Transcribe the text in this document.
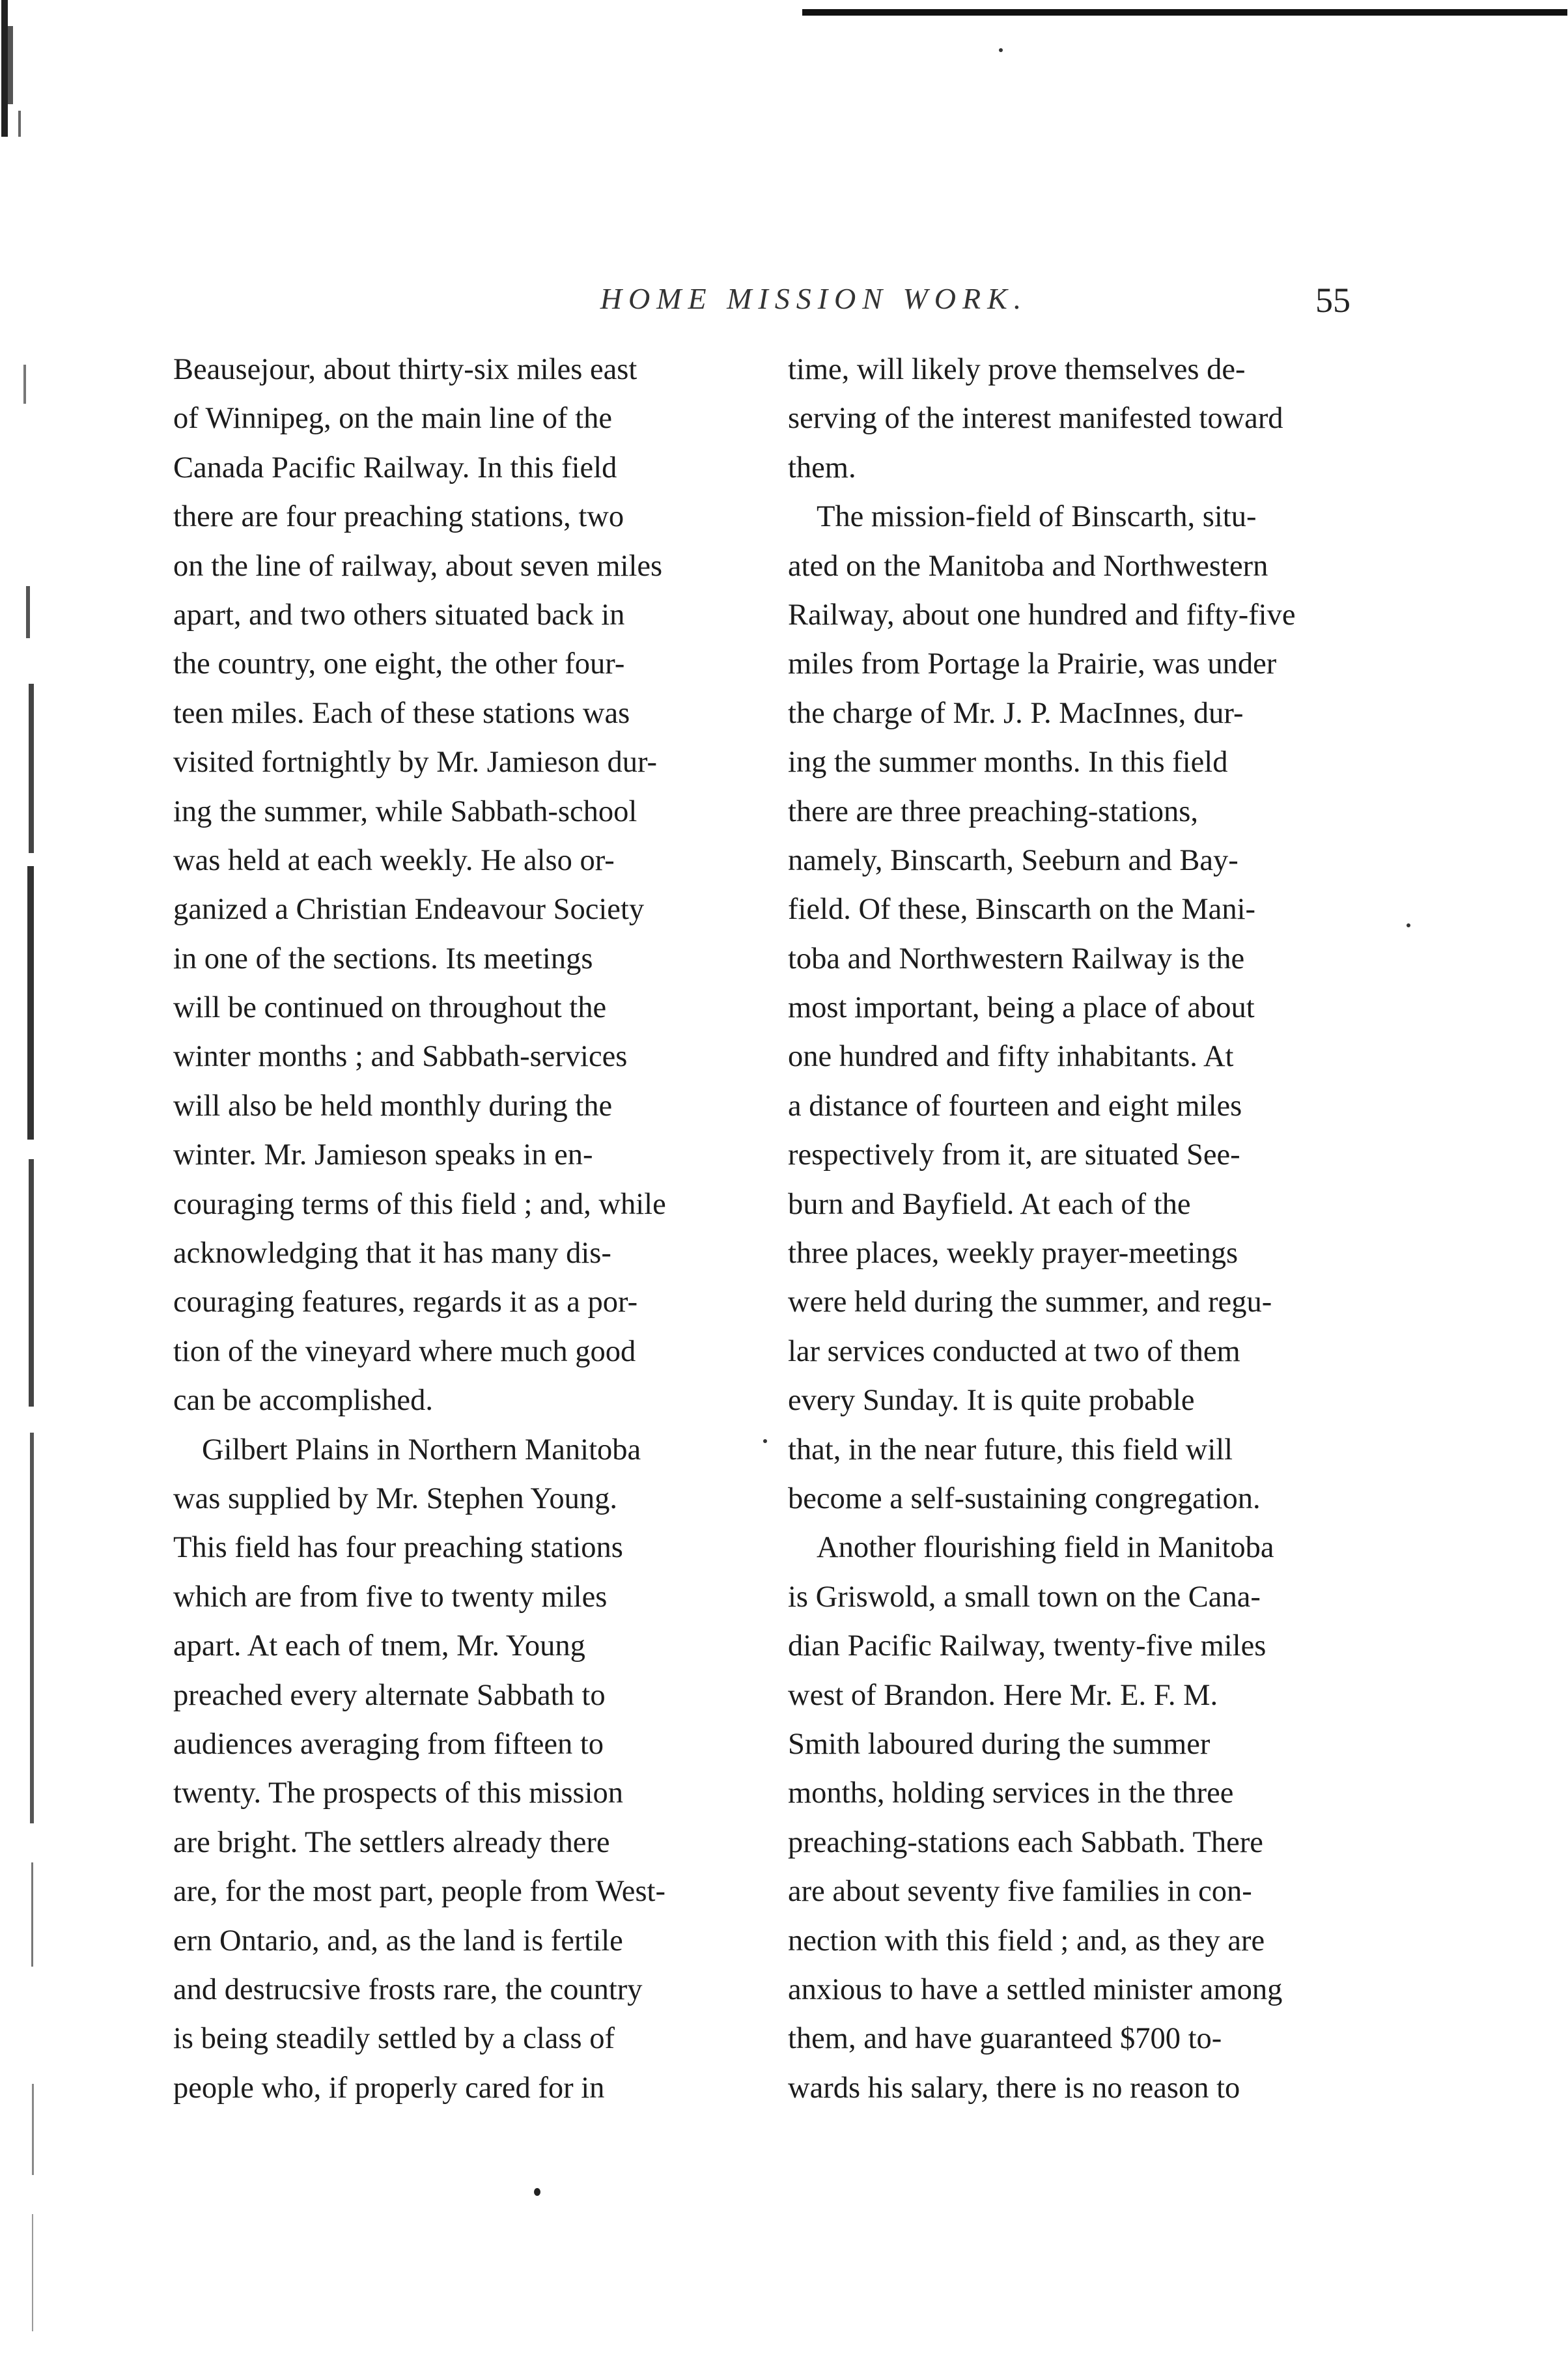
HOME MISSION WORK.	55
Beausejour, about thirty-six miles east
of Winnipeg, on the main line of the
Canada Pacific Railway. In this field
there are four preaching stations, two
on the line of railway, about seven miles
apart, and two others situated back in
the country, one eight, the other four-
teen miles. Each of these stations was
visited fortnightly by Mr. Jamieson dur-
ing the summer, while Sabbath-school
was held at each weekly. He also or-
ganized a Christian Endeavour Society
in one of the sections. Its meetings
will be continued on throughout the
winter months ; and Sabbath-services
will also be held monthly during the
winter. Mr. Jamieson speaks in en-
couraging terms of this field ; and, while
acknowledging that it has many dis-
couraging features, regards it as a por-
tion of the vineyard where much good
can be accomplished.
Gilbert Plains in Northern Manitoba
was supplied by Mr. Stephen Young.
This field has four preaching stations
which are from five to twenty miles
apart. At each of tnem, Mr. Young
preached every alternate Sabbath to
audiences averaging from fifteen to
twenty. The prospects of this mission
are bright. The settlers already there
are, for the most part, people from West-
ern Ontario, and, as the land is fertile
and destrucsive frosts rare, the country
is being steadily settled by a class of
people who, if properly cared for in
time, will likely prove themselves de-
serving of the interest manifested toward
them.
The mission-field of Binscarth, situ-
ated on the Manitoba and Northwestern
Railway, about one hundred and fifty-five
miles from Portage la Prairie, was under
the charge of Mr. J. P. MacInnes, dur-
ing the summer months. In this field
there are three preaching-stations,
namely, Binscarth, Seeburn and Bay-
field. Of these, Binscarth on the Mani-
toba and Northwestern Railway is the
most important, being a place of about
one hundred and fifty inhabitants. At
a distance of fourteen and eight miles
respectively from it, are situated See-
burn and Bayfield. At each of the
three places, weekly prayer-meetings
were held during the summer, and regu-
lar services conducted at two of them
every Sunday. It is quite probable
that, in the near future, this field will
become a self-sustaining congregation.
Another flourishing field in Manitoba
is Griswold, a small town on the Cana-
dian Pacific Railway, twenty-five miles
west of Brandon. Here Mr. E. F. M.
Smith laboured during the summer
months, holding services in the three
preaching-stations each Sabbath. There
are about seventy five families in con-
nection with this field ; and, as they are
anxious to have a settled minister among
them, and have guaranteed $700 to-
wards his salary, there is no reason to
